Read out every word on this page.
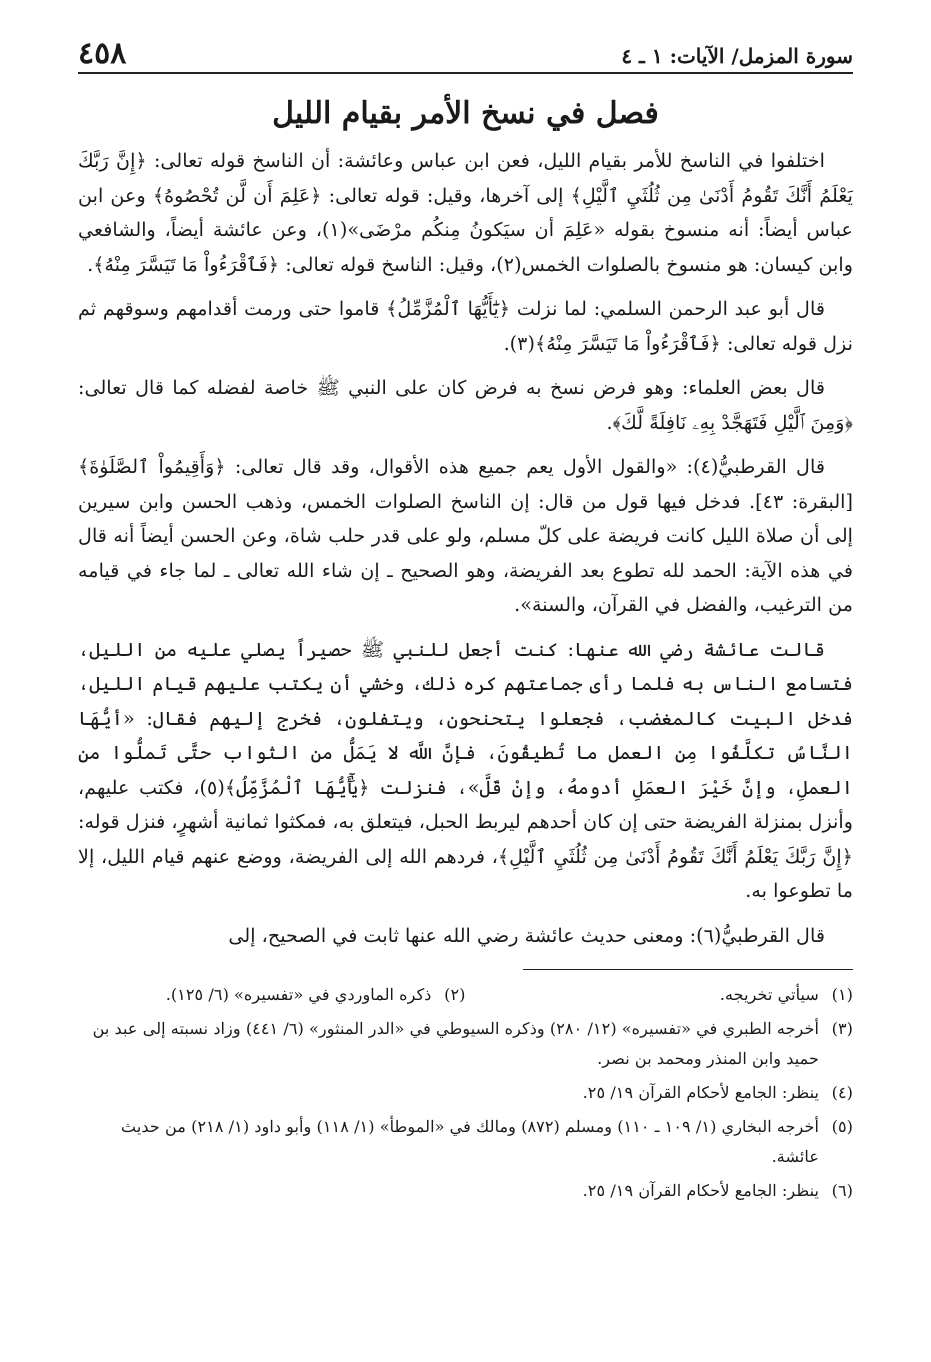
سورة المزمل/ الآيات: ١ ـ ٤
٤٥٨
فصل في نسخ الأمر بقيام الليل

اختلفوا في الناسخ للأمر بقيام الليل، فعن ابن عباس وعائشة: أن الناسخ قوله تعالى: ﴿إِنَّ رَبَّكَ يَعْلَمُ أَنَّكَ تَقُومُ أَدْنَىٰ مِن ثُلُثَيِ ٱلَّيْلِ﴾ إلى آخرها، وقيل: قوله تعالى: ﴿عَلِمَ أَن لَّن تُحْصُوهُ﴾ وعن ابن عباس أيضاً: أنه منسوخ بقوله «عَلِمَ أن سيَكونُ مِنكُم مرْضَى»(١)، وعن عائشة أيضاً، والشافعي وابن كيسان: هو منسوخ بالصلوات الخمس(٢)، وقيل: الناسخ قوله تعالى: ﴿فَٱقْرَءُواْ مَا تَيَسَّرَ مِنْهُ﴾.

قال أبو عبد الرحمن السلمي: لما نزلت ﴿يَٰٓأَيُّهَا ٱلْمُزَّمِّلُ﴾ قاموا حتى ورمت أقدامهم وسوقهم ثم نزل قوله تعالى: ﴿فَٱقْرَءُواْ مَا تَيَسَّرَ مِنْهُ﴾(٣).

قال بعض العلماء: وهو فرض نسخ به فرض كان على النبي ﷺ خاصة لفضله كما قال تعالى: ﴿وَمِنَ ٱلَّيْلِ فَتَهَجَّدْ بِهِۦ نَافِلَةً لَّكَ﴾.

قال القرطبيُّ(٤): «والقول الأول يعم جميع هذه الأقوال، وقد قال تعالى: ﴿وَأَقِيمُواْ ٱلصَّلَوٰةَ﴾ [البقرة: ٤٣]. فدخل فيها قول من قال: إن الناسخ الصلوات الخمس، وذهب الحسن وابن سيرين إلى أن صلاة الليل كانت فريضة على كلّ مسلم، ولو على قدر حلب شاة، وعن الحسن أيضاً أنه قال في هذه الآية: الحمد لله تطوع بعد الفريضة، وهو الصحيح ـ إن شاء الله تعالى ـ لما جاء في قيامه من الترغيب، والفضل في القرآن، والسنة».

قالت عائشة رضي الله عنها: كنت أجعل للنبي ﷺ حصيراً يصلي عليه من الليل، فتسامع الناس به فلما رأى جماعتهم كره ذلك، وخشي أن يكتب عليهم قيام الليل، فدخل البيت كالمغضب، فجعلوا يتحنحون، ويتفلون، فخرج إليهم فقال: «أيُّهَا النَّاسُ تكلَّفُوا مِن العمل ما تُطيقُونَ، فإنَّ اللَّه لا يَمَلُّ من الثواب حتَّى تَملُّوا من العملِ، وإنَّ خَيْرَ العمَلِ أدومهُ، وإنْ قَلَّ»، فنزلت ﴿يَٰٓأَيُّهَا ٱلْمُزَّمِّلُ﴾(٥)، فكتب عليهم، وأنزل بمنزلة الفريضة حتى إن كان أحدهم ليربط الحبل، فيتعلق به، فمكثوا ثمانية أشهرٍ، فنزل قوله: ﴿إِنَّ رَبَّكَ يَعْلَمُ أَنَّكَ تَقُومُ أَدْنَىٰ مِن ثُلُثَيِ ٱلَّيْلِ﴾، فردهم الله إلى الفريضة، ووضع عنهم قيام الليل، إلا ما تطوعوا به.

قال القرطبيُّ(٦): ومعنى حديث عائشة رضي الله عنها ثابت في الصحيح، إلى

(١)
سيأتي تخريجه.
(٢)
ذكره الماوردي في «تفسيره» (٦/ ١٢٥).
(٣)
أخرجه الطبري في «تفسيره» (١٢/ ٢٨٠) وذكره السيوطي في «الدر المنثور» (٦/ ٤٤١) وزاد نسبته إلى عبد بن حميد وابن المنذر ومحمد بن نصر.
(٤)
ينظر: الجامع لأحكام القرآن ١٩/ ٢٥.
(٥)
أخرجه البخاري (١/ ١٠٩ ـ ١١٠) ومسلم (٨٧٢) ومالك في «الموطأ» (١/ ١١٨) وأبو داود (١/ ٢١٨) من حديث عائشة.
(٦)
ينظر: الجامع لأحكام القرآن ١٩/ ٢٥.
